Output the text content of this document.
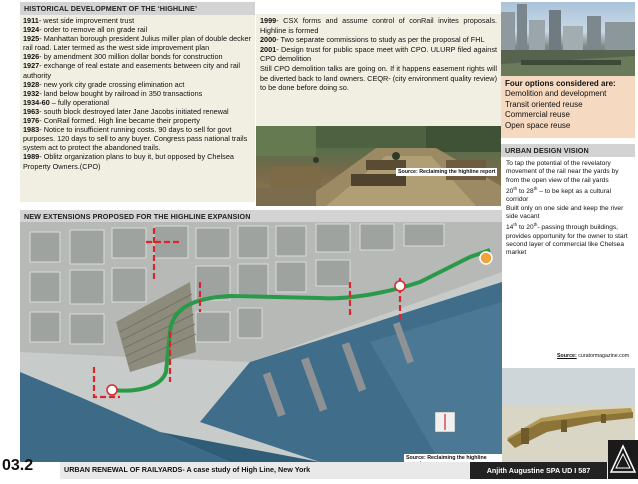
HISTORICAL DEVELOPMENT OF THE ‘HIGHLINE’

1911- west side improvement trust

1924- order to remove all on grade rail

1925- Manhattan borough president Julius miller plan of double decker rail road. Later termed as the west side improvement plan

1926- by amendment 300 million dollar bonds for construction

1927- exchange of real estate and easements between city and rail authority

1928- new york city grade crossing elimination act

1932- land below bought by railroad in 350 transactions

1934-60 – fully operational

1963- south block destroyed later Jane Jacobs initiated renewal

1976- ConRail formed. High line became their property

1983- Notice to insufficient running costs. 90 days to sell for govt purposes. 120 days to sell to any buyer. Congress pass national trails system act to protect the abandoned trails.

1989- Oblitz organization plans to buy it, but opposed by Chelsea Property Owners.(CPO)

1999- CSX forms and assume control of conRail invites proposals. Highline is formed

2000- Two separate commissions to study as per the proposal of FHL

2001- Design trust for public space meet with CPO. ULURP filed against CPO demolition

Still CPO demolition talks are going on. If it happens easement rights will be diverted back to land owners. CEQR- (city environment quality review) to be done before doing so.

Source: Reclaiming the highline report
Four options considered are:
Demolition and development
Transit oriented reuse
Commercial reuse
Open space reuse
URBAN DESIGN VISION

To tap the potential of the revelatory movement of the rail near the yards by from the open view of the rail yards

20th to 28th – to be kept as a cultural corridor

Built only on one side and keep the river side vacant

14th to 20th- passing through buildings, provides opportunity for the owner to start second layer of commercial like Chelsea market

Source: curatormagazine.com
NEW EXTENSIONS PROPOSED FOR THE HIGHLINE EXPANSION
Source: Reclaiming the highline
03.2	URBAN RENEWAL OF RAILYARDS- A case study of High Line, New York	Anjith Augustine SPA UD I 587
